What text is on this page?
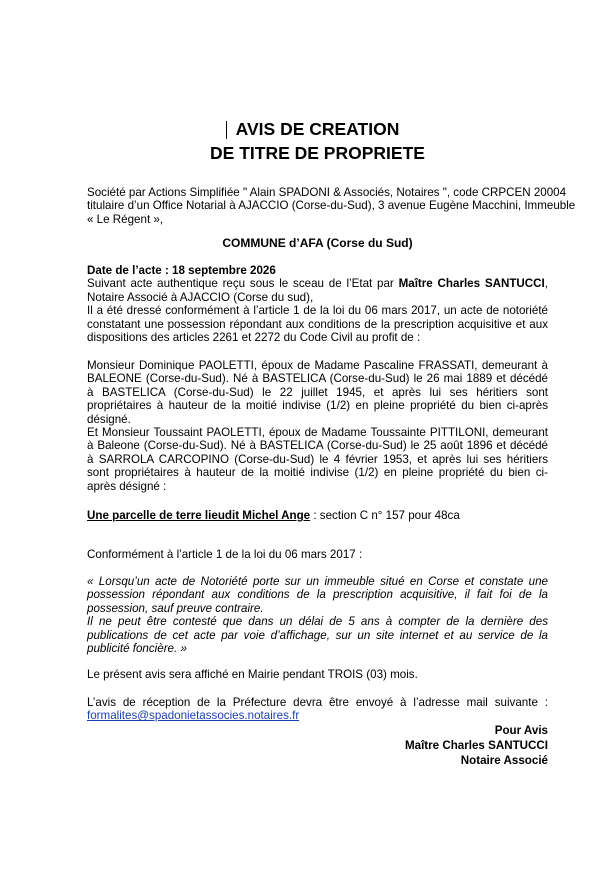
AVIS DE CREATION
DE TITRE DE PROPRIETE
Société par Actions Simplifiée " Alain SPADONI & Associés, Notaires ", code CRPCEN 20004
titulaire d’un Office Notarial à AJACCIO (Corse-du-Sud), 3 avenue Eugène Macchini, Immeuble
« Le Régent »,
COMMUNE d’AFA (Corse du Sud)
Date de l’acte : 18 septembre 2026
Suivant acte authentique reçu sous le sceau de l’Etat par Maître Charles SANTUCCI,
Notaire Associé à AJACCIO (Corse du sud),
Il a été dressé conformément à l’article 1 de la loi du 06 mars 2017, un acte de notoriété
constatant une possession répondant aux conditions de la prescription acquisitive et aux
dispositions des articles 2261 et 2272 du Code Civil au profit de :
Monsieur Dominique PAOLETTI, époux de Madame Pascaline FRASSATI, demeurant à
BALEONE (Corse-du-Sud). Né à BASTELICA (Corse-du-Sud) le 26 mai 1889 et décédé
à BASTELICA (Corse-du-Sud) le 22 juillet 1945, et après lui ses héritiers sont
propriétaires à hauteur de la moitié indivise (1/2) en pleine propriété du bien ci-après
désigné.
Et Monsieur Toussaint PAOLETTI, époux de Madame Toussainte PITTILONI, demeurant
à Baleone (Corse-du-Sud). Né à BASTELICA (Corse-du-Sud) le 25 août 1896 et décédé
à SARROLA CARCOPINO (Corse-du-Sud) le 4 février 1953, et après lui ses héritiers
sont propriétaires à hauteur de la moitié indivise (1/2) en pleine propriété du bien ci-
après désigné :
Une parcelle de terre lieudit Michel Ange : section C n° 157 pour 48ca
Conformément à l’article 1 de la loi du 06 mars 2017 :
« Lorsqu’un acte de Notoriété porte sur un immeuble situé en Corse et constate une
possession répondant aux conditions de la prescription acquisitive, il fait foi de la
possession, sauf preuve contraire.
Il ne peut être contesté que dans un délai de 5 ans à compter de la dernière des
publications de cet acte par voie d’affichage, sur un site internet et au service de la
publicité foncière. »
Le présent avis sera affiché en Mairie pendant TROIS (03) mois.
L’avis de réception de la Préfecture devra être envoyé à l’adresse mail suivante :
formalites@spadonietassocies.notaires.fr
Pour Avis
Maître Charles SANTUCCI
Notaire Associé
